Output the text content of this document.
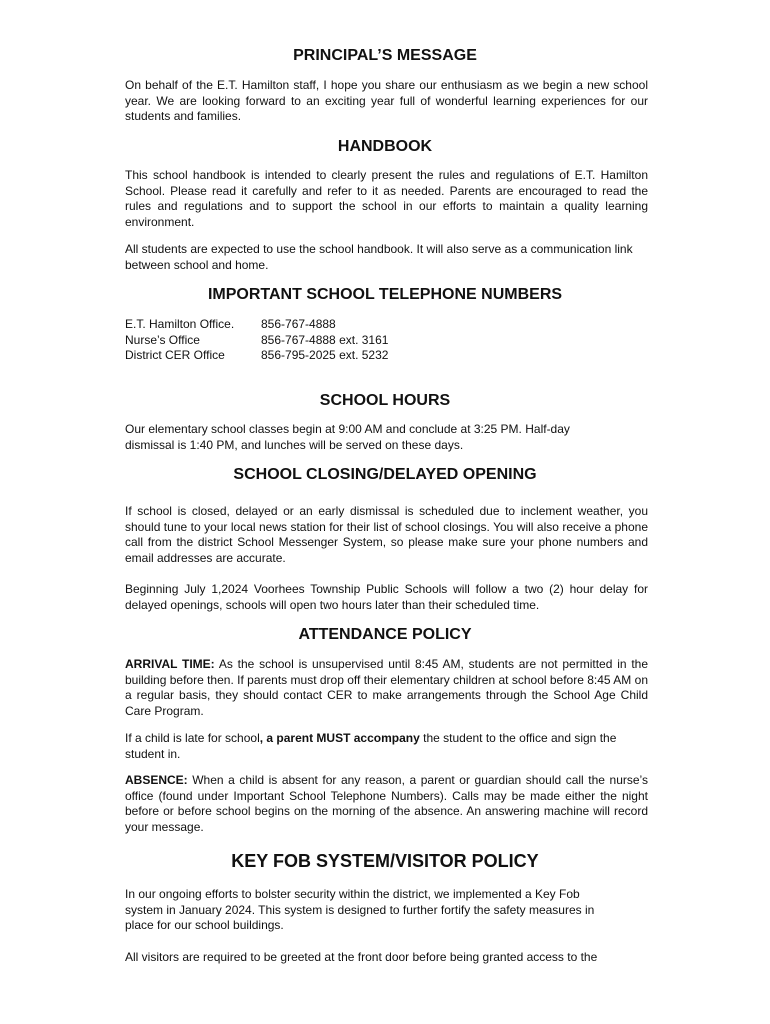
PRINCIPAL’S MESSAGE

On behalf of the E.T. Hamilton staff, I hope you share our enthusiasm as we begin a new school year. We are looking forward to an exciting year full of wonderful learning experiences for our students and families.

HANDBOOK

This school handbook is intended to clearly present the rules and regulations of E.T. Hamilton School. Please read it carefully and refer to it as needed. Parents are encouraged to read the rules and regulations and to support the school in our efforts to maintain a quality learning environment.

All students are expected to use the school handbook. It will also serve as a communication link between school and home.

IMPORTANT SCHOOL TELEPHONE NUMBERS
E.T. Hamilton Office.	856-767-4888
Nurse’s Office	856-767-4888 ext. 3161
District CER Office	856-795-2025 ext. 5232
SCHOOL HOURS

Our elementary school classes begin at 9:00 AM and conclude at 3:25 PM. Half-day dismissal is 1:40 PM, and lunches will be served on these days.

SCHOOL CLOSING/DELAYED OPENING

If school is closed, delayed or an early dismissal is scheduled due to inclement weather, you should tune to your local news station for their list of school closings. You will also receive a phone call from the district School Messenger System, so please make sure your phone numbers and email addresses are accurate.

Beginning July 1,2024 Voorhees Township Public Schools will follow a two (2) hour delay for delayed openings, schools will open two hours later than their scheduled time.

ATTENDANCE POLICY

ARRIVAL TIME: As the school is unsupervised until 8:45 AM, students are not permitted in the building before then. If parents must drop off their elementary children at school before 8:45 AM on a regular basis, they should contact CER to make arrangements through the School Age Child Care Program.

If a child is late for school, a parent MUST accompany the student to the office and sign the student in.

ABSENCE: When a child is absent for any reason, a parent or guardian should call the nurse’s office (found under Important School Telephone Numbers). Calls may be made either the night before or before school begins on the morning of the absence. An answering machine will record your message.

KEY FOB SYSTEM/VISITOR POLICY

In our ongoing efforts to bolster security within the district, we implemented a Key Fob system in January 2024. This system is designed to further fortify the safety measures in place for our school buildings.

All visitors are required to be greeted at the front door before being granted access to the
